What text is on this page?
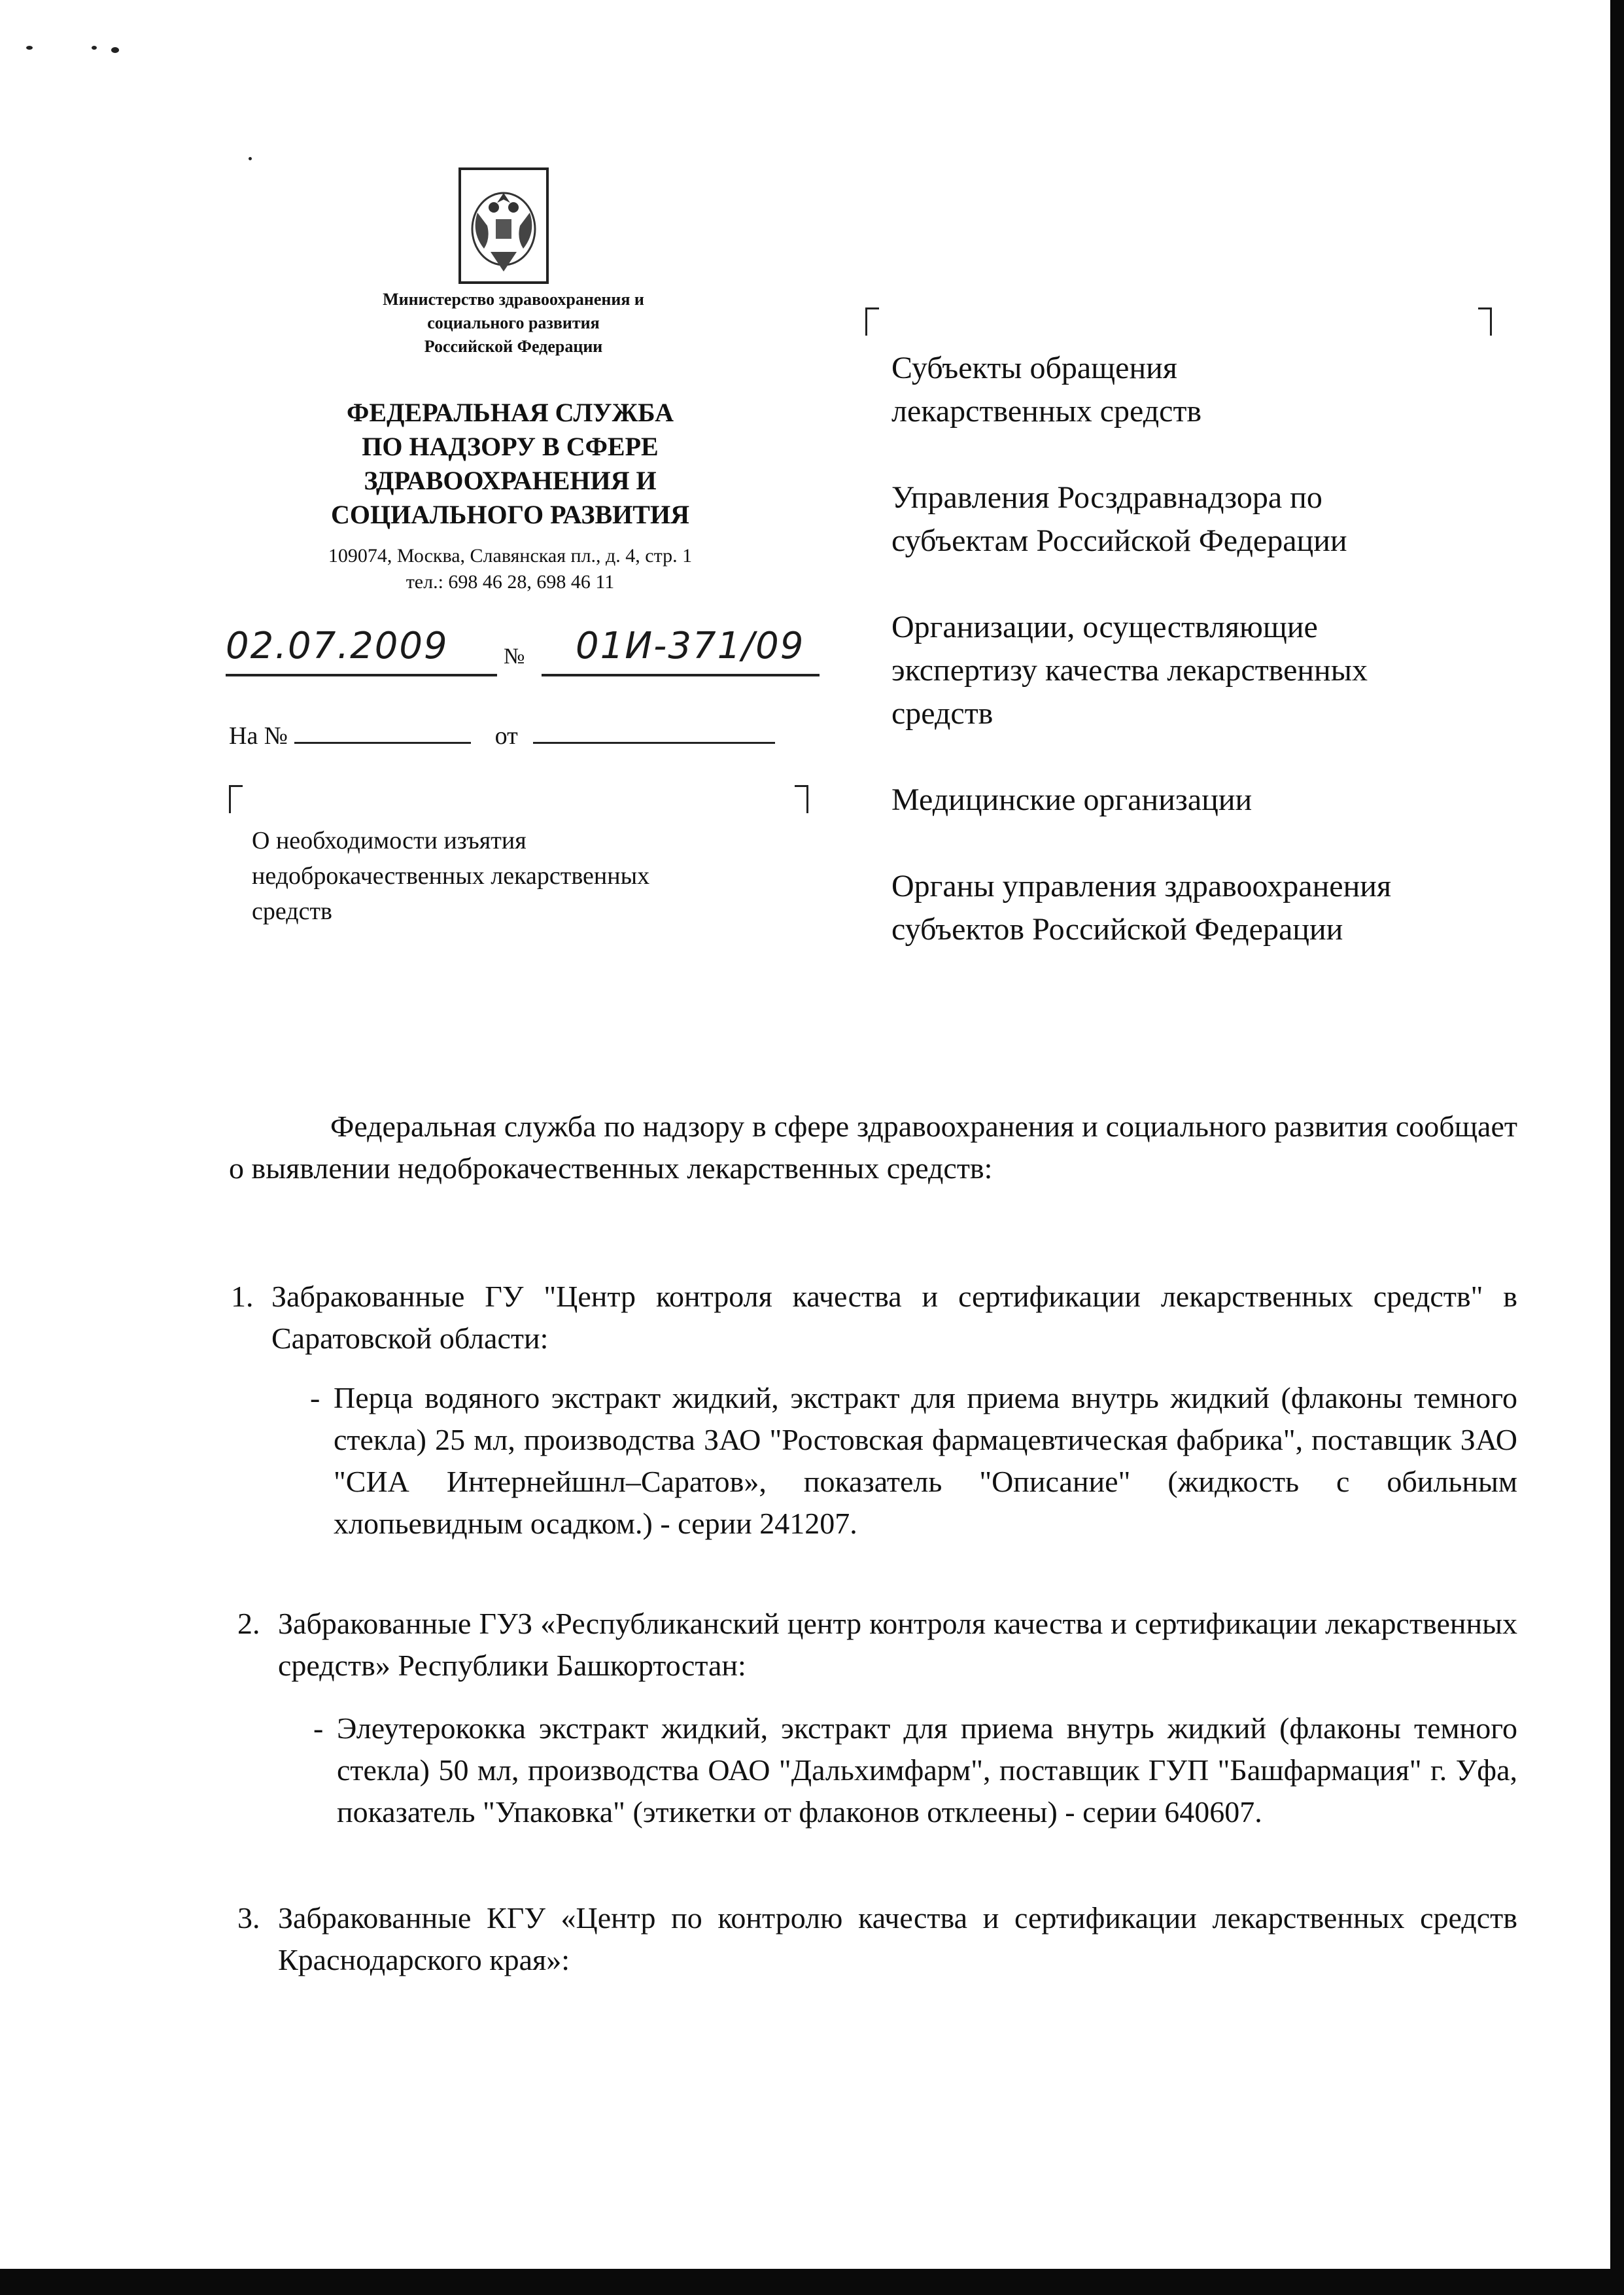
Министерство здравоохранения и
социального развития
Российской Федерации
ФЕДЕРАЛЬНАЯ СЛУЖБА
ПО НАДЗОРУ В СФЕРЕ
ЗДРАВООХРАНЕНИЯ И
СОЦИАЛЬНОГО РАЗВИТИЯ
109074, Москва, Славянская пл., д. 4, стр. 1
тел.: 698 46 28, 698 46 11
02.07.2009 № 01И-371/09
На №	от
О необходимости изъятия
недоброкачественных лекарственных
средств

Субъекты обращения
лекарственных средств

Управления Росздравнадзора по
субъектам Российской Федерации

Организации, осуществляющие
экспертизу качества лекарственных
средств

Медицинские организации

Органы управления здравоохранения
субъектов Российской Федерации

Федеральная служба по надзору в сфере здравоохранения и социального развития сообщает о выявлении недоброкачественных лекарственных средств:
1. Забракованные ГУ "Центр контроля качества и сертификации лекарственных средств" в Саратовской области:
- Перца водяного экстракт жидкий, экстракт для приема внутрь жидкий (флаконы темного стекла) 25 мл, производства ЗАО "Ростовская фармацевтическая фабрика", поставщик ЗАО "СИА Интернейшнл–Саратов», показатель "Описание" (жидкость с обильным хлопьевидным осадком.) - серии 241207.
2. Забракованные ГУЗ «Республиканский центр контроля качества и сертификации лекарственных средств» Республики Башкортостан:
- Элеутерококка экстракт жидкий, экстракт для приема внутрь жидкий (флаконы темного стекла) 50 мл, производства ОАО "Дальхимфарм", поставщик ГУП "Башфармация" г. Уфа, показатель "Упаковка" (этикетки от флаконов отклеены) - серии 640607.
3. Забракованные КГУ «Центр по контролю качества и сертификации лекарственных средств Краснодарского края»:
